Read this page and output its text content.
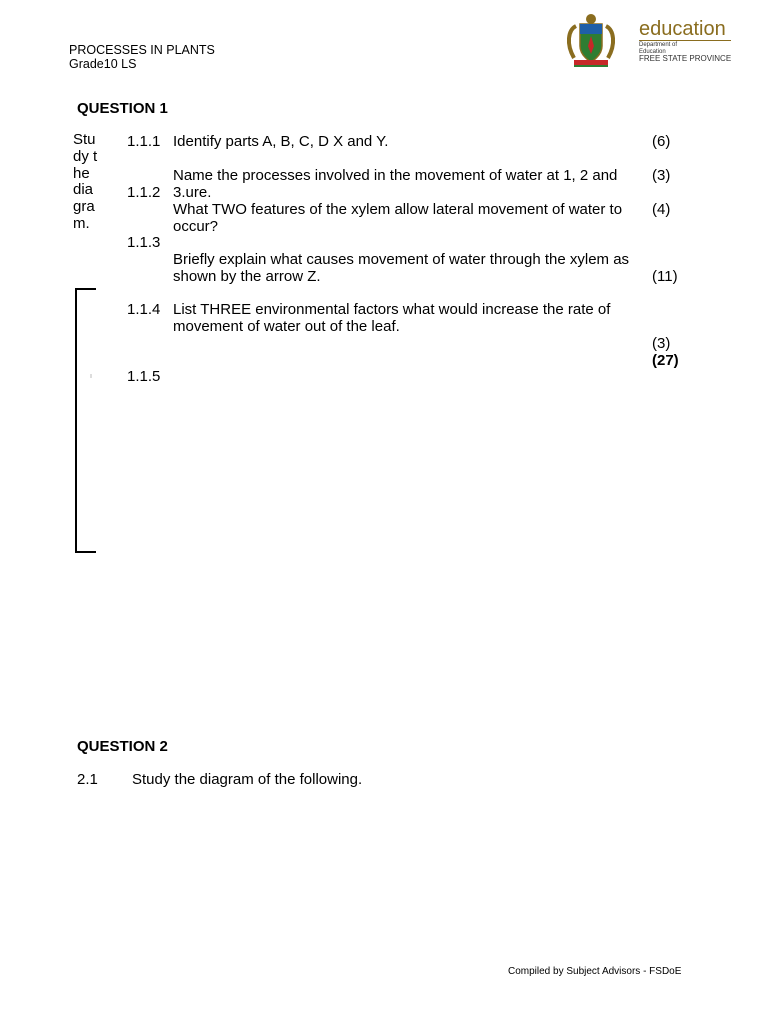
PROCESSES IN PLANTS
Grade10 LS
education
Department of
Education
FREE STATE PROVINCE
QUESTION 1
Study the diagram.
1.1.1
1.1.2
1.1.3
1.1.4
1.1.5
Identify parts A, B, C, D X and Y.
Name the processes involved in the movement of water at 1, 2 and 3.ure.
What TWO features of the xylem allow lateral movement of water to occur?
Briefly explain what causes movement of water through the xylem as shown by the arrow Z.
List THREE environmental factors what would increase the rate of movement of water out of the leaf.
(6)
(3)
(4)
(11)
(3)
(27)
QUESTION 2
2.1 Study the diagram of the following.
Compiled by Subject Advisors - FSDoE
